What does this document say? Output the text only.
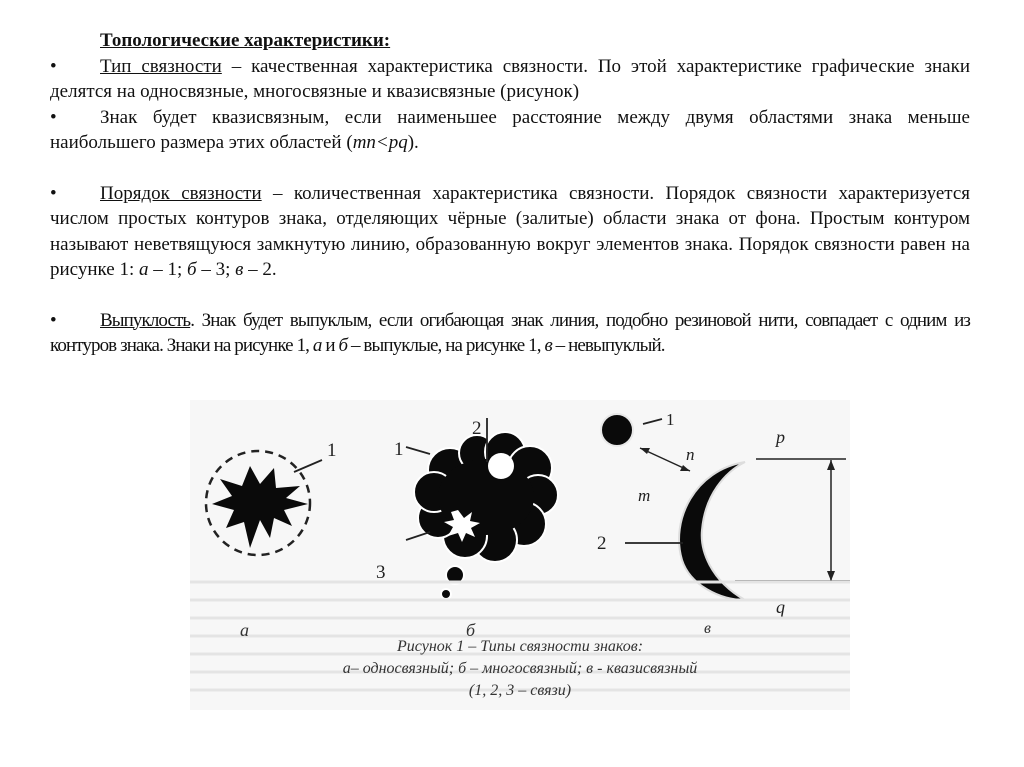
Топологические характеристики:
• Тип связности – качественная характеристика связности. По этой характеристике графические знаки делятся на односвязные, многосвязные и квазисвязные (рисунок)
• Знак будет квазисвязным, если наименьшее расстояние между двумя областями знака меньше наибольшего размера этих областей (mn<pq).
• Порядок связности – количественная характеристика связности. Порядок связности характеризуется числом простых контуров знака, отделяющих чёрные (залитые) области знака от фона. Простым контуром называют неветвящуюся замкнутую линию, образованную вокруг элементов знака. Порядок связности равен на рисунке 1: а – 1; б – 3; в – 2.
• Выпуклость. Знак будет выпуклым, если огибающая знак линия, подобно резиновой нити, совпадает с одним из контуров знака. Знаки на рисунке 1, а и б – выпуклые, на рисунке 1, в – невыпуклый.
1	1
2
3
1
2
n
m
p
q
а	б	в
Рисунок 1 – Типы связности знаков:
а– односвязный; б – многосвязный; в - квазисвязный
(1, 2, 3 – связи)
